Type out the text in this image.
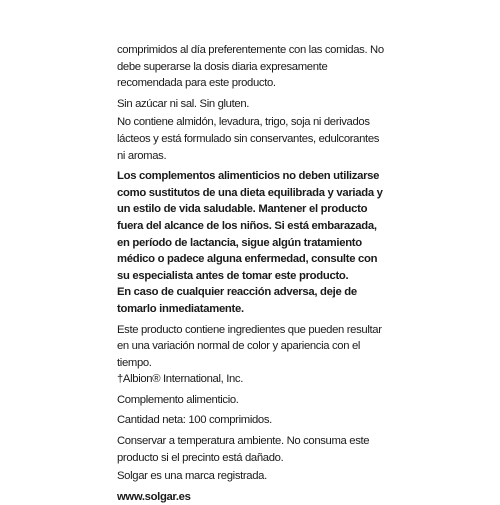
comprimidos al día preferentemente con las comidas. No debe superarse la dosis diaria expresamente recomendada para este producto.

Sin azúcar ni sal. Sin gluten.

No contiene almidón, levadura, trigo, soja ni derivados lácteos y está formulado sin conservantes, edulcorantes ni aromas.

Los complementos alimenticios no deben utilizarse como sustitutos de una dieta equilibrada y variada y un estilo de vida saludable. Mantener el producto fuera del alcance de los niños. Si está embarazada, en período de lactancia, sigue algún tratamiento médico o padece alguna enfermedad, consulte con su especialista antes de tomar este producto.

En caso de cualquier reacción adversa, deje de tomarlo inmediatamente.

Este producto contiene ingredientes que pueden resultar en una variación normal de color y apariencia con el tiempo.

†Albion® International, Inc.

Complemento alimenticio.

Cantidad neta: 100 comprimidos.

Conservar a temperatura ambiente. No consuma este producto si el precinto está dañado.

Solgar es una marca registrada.

www.solgar.es
